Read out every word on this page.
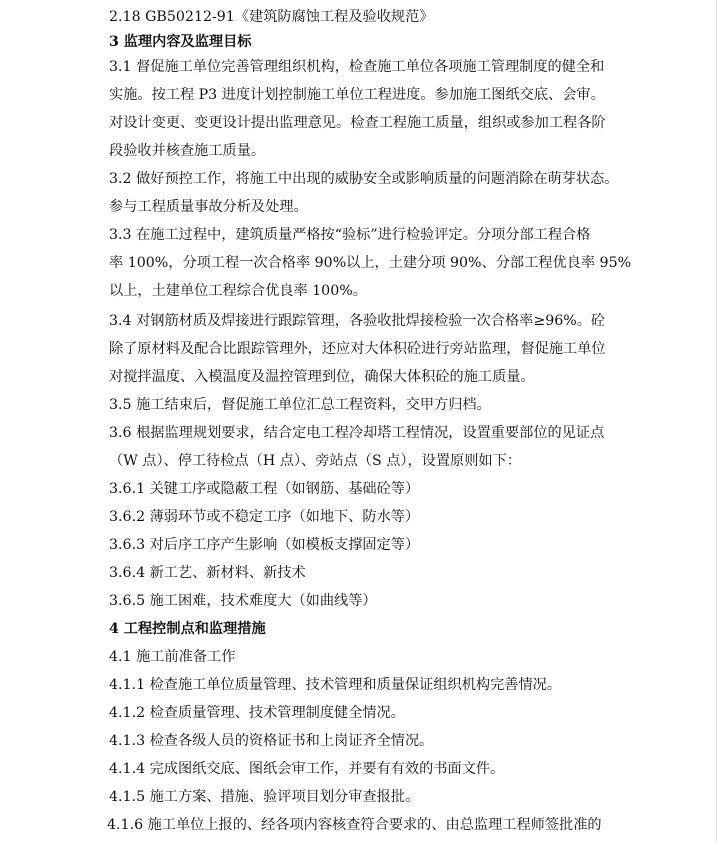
2.18 GB50212-91《建筑防腐蚀工程及验收规范》
3 监理内容及监理目标
3.1 督促施工单位完善管理组织机构，检查施工单位各项施工管理制度的健全和
实施。按工程 P3 进度计划控制施工单位工程进度。参加施工图纸交底、会审。
对设计变更、变更设计提出监理意见。检查工程施工质量，组织或参加工程各阶
段验收并核查施工质量。
3.2 做好预控工作，将施工中出现的威胁安全或影响质量的问题消除在萌芽状态。
参与工程质量事故分析及处理。
3.3 在施工过程中，建筑质量严格按“验标”进行检验评定。分项分部工程合格
率 100%，分项工程一次合格率 90%以上，土建分项 90%、分部工程优良率 95%
以上，土建单位工程综合优良率 100%。
3.4 对钢筋材质及焊接进行跟踪管理，各验收批焊接检验一次合格率≥96%。砼
除了原材料及配合比跟踪管理外，还应对大体积砼进行旁站监理，督促施工单位
对搅拌温度、入模温度及温控管理到位，确保大体积砼的施工质量。
3.5 施工结束后，督促施工单位汇总工程资料，交甲方归档。
3.6 根据监理规划要求，结合定电工程冷却塔工程情况，设置重要部位的见证点
（W 点）、停工待检点（H 点）、旁站点（S 点），设置原则如下：
3.6.1 关键工序或隐蔽工程（如钢筋、基础砼等）
3.6.2 薄弱环节或不稳定工序（如地下、防水等）
3.6.3 对后序工序产生影响（如模板支撑固定等）
3.6.4 新工艺、新材料、新技术
3.6.5 施工困难，技术难度大（如曲线等）
4 工程控制点和监理措施
4.1 施工前准备工作
4.1.1 检查施工单位质量管理、技术管理和质量保证组织机构完善情况。
4.1.2 检查质量管理、技术管理制度健全情况。
4.1.3 检查各级人员的资格证书和上岗证齐全情况。
4.1.4 完成图纸交底、图纸会审工作，并要有有效的书面文件。
4.1.5 施工方案、措施、验评项目划分审查报批。
4.1.6 施工单位上报的、经各项内容核查符合要求的、由总监理工程师签批准的
